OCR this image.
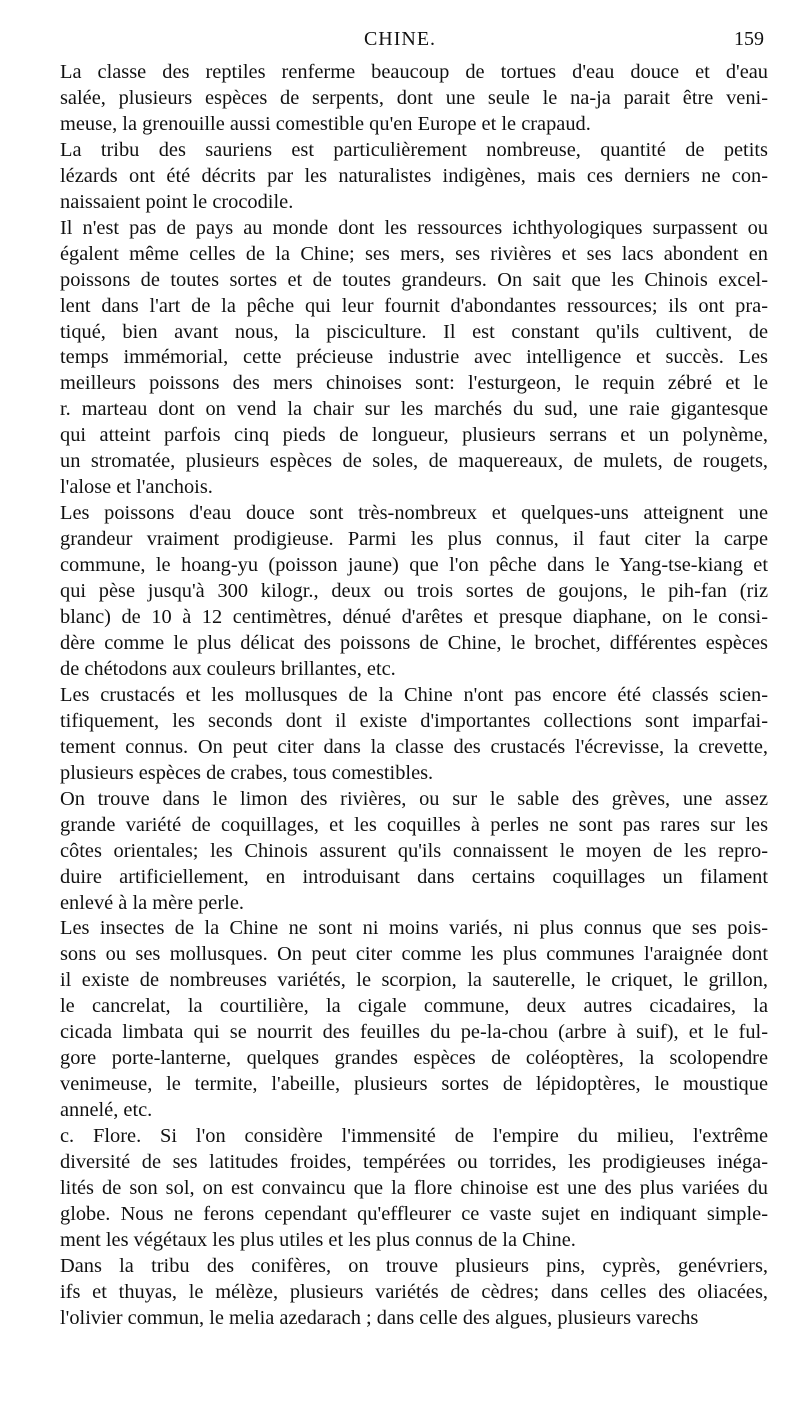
CHINE.	159
La classe des reptiles renferme beaucoup de tortues d'eau douce et d'eau
salée, plusieurs espèces de serpents, dont une seule le na-ja parait être veni-
meuse, la grenouille aussi comestible qu'en Europe et le crapaud.
La tribu des sauriens est particulièrement nombreuse, quantité de petits
lézards ont été décrits par les naturalistes indigènes, mais ces derniers ne con-
naissaient point le crocodile.
Il n'est pas de pays au monde dont les ressources ichthyologiques surpassent ou
égalent même celles de la Chine; ses mers, ses rivières et ses lacs abondent en
poissons de toutes sortes et de toutes grandeurs. On sait que les Chinois excel-
lent dans l'art de la pêche qui leur fournit d'abondantes ressources; ils ont pra-
tiqué, bien avant nous, la pisciculture. Il est constant qu'ils cultivent, de
temps immémorial, cette précieuse industrie avec intelligence et succès. Les
meilleurs poissons des mers chinoises sont: l'esturgeon, le requin zébré et le
r. marteau dont on vend la chair sur les marchés du sud, une raie gigantesque
qui atteint parfois cinq pieds de longueur, plusieurs serrans et un polynème,
un stromatée, plusieurs espèces de soles, de maquereaux, de mulets, de rougets,
l'alose et l'anchois.
Les poissons d'eau douce sont très-nombreux et quelques-uns atteignent une
grandeur vraiment prodigieuse. Parmi les plus connus, il faut citer la carpe
commune, le hoang-yu (poisson jaune) que l'on pêche dans le Yang-tse-kiang et
qui pèse jusqu'à 300 kilogr., deux ou trois sortes de goujons, le pih-fan (riz
blanc) de 10 à 12 centimètres, dénué d'arêtes et presque diaphane, on le consi-
dère comme le plus délicat des poissons de Chine, le brochet, différentes espèces
de chétodons aux couleurs brillantes, etc.
Les crustacés et les mollusques de la Chine n'ont pas encore été classés scien-
tifiquement, les seconds dont il existe d'importantes collections sont imparfai-
tement connus. On peut citer dans la classe des crustacés l'écrevisse, la crevette,
plusieurs espèces de crabes, tous comestibles.
On trouve dans le limon des rivières, ou sur le sable des grèves, une assez
grande variété de coquillages, et les coquilles à perles ne sont pas rares sur les
côtes orientales; les Chinois assurent qu'ils connaissent le moyen de les repro-
duire artificiellement, en introduisant dans certains coquillages un filament
enlevé à la mère perle.
Les insectes de la Chine ne sont ni moins variés, ni plus connus que ses pois-
sons ou ses mollusques. On peut citer comme les plus communes l'araignée dont
il existe de nombreuses variétés, le scorpion, la sauterelle, le criquet, le grillon,
le cancrelat, la courtilière, la cigale commune, deux autres cicadaires, la
cicada limbata qui se nourrit des feuilles du pe-la-chou (arbre à suif), et le ful-
gore porte-lanterne, quelques grandes espèces de coléoptères, la scolopendre
venimeuse, le termite, l'abeille, plusieurs sortes de lépidoptères, le moustique
annelé, etc.
c. Flore. Si l'on considère l'immensité de l'empire du milieu, l'extrême
diversité de ses latitudes froides, tempérées ou torrides, les prodigieuses inéga-
lités de son sol, on est convaincu que la flore chinoise est une des plus variées du
globe. Nous ne ferons cependant qu'effleurer ce vaste sujet en indiquant simple-
ment les végétaux les plus utiles et les plus connus de la Chine.
Dans la tribu des conifères, on trouve plusieurs pins, cyprès, genévriers,
ifs et thuyas, le mélèze, plusieurs variétés de cèdres; dans celles des oliacées,
l'olivier commun, le melia azedarach ; dans celle des algues, plusieurs varechs
